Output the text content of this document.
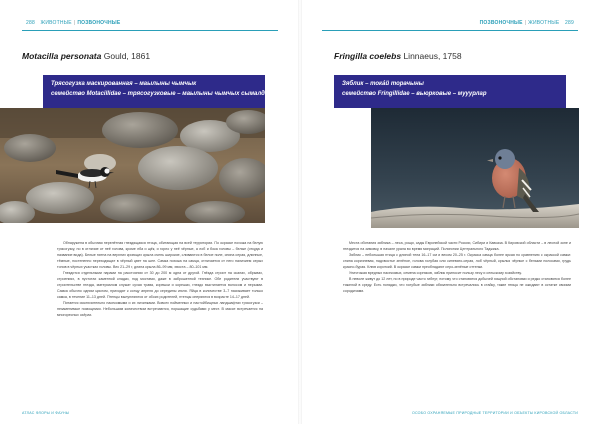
288 ЖИВОТНЫЕ | ПОЗВОНОЧНЫЕ
Motacilla personata Gould, 1861
Трясогузка маскированная – маылыны чымчык
семейство Motacillidae – трясогузковые – маылыны чымчых сымалдар

Обнаружена в обычная перелётная гнездящаяся птица, обитающая на всей территории. По окраске похожа на белую трясогузку, но в отличие от неё голова, кроме лба и щёк, и горло у неё чёрные, а лоб и бока головы – белые (откуда и название вида). Белые пятна на верхних кроющих крыла очень широкие, сливаются в белое поле, спина серая, длинные, тёмные, постепенно переходящие в чёрный цвет на шее. Самка похожа на самца, отличается от него наличием серых тонов в чёрных участках головы. Вес 21–29 г, длина крыла 86–99 мм, хвоста – 80–101 мм.

Гнездится отдельными парами на расстоянии от 30 до 200 м одна от другой. Гнёзда строит на скалах, обрывах, строениях, в пустотах каменной кладки, под мостами, даже в заброшенной технике. Обе родители участвуют в строительстве гнезда, материалом служат сухая трава, корешки и корешки, гнездо выстилается волосом и перьями. Самка обычно одним циклом, приходят к концу апреля до середины июля. Яйца в количестве 3–7 насиживает только самка, в течение 11–13 дней. Птенцы вылупляются от обоих родителей, птенцы оперяются в возрасте 14–17 дней.

Питается исключительно насекомыми и их личинками. Вовсех пойменных и настойбищных ландшафтах трясогузки – незаменимые помощники. Небольшим количеством встречаются, поршащие судьбами у мест. В массе встречается на многоресных озёрах.

АТЛАС ФЛОРЫ И ФАУНЫ
ПОЗВОНОЧНЫЕ | ЖИВОТНЫЕ 289
Fringilla coelebs Linnaeus, 1758
Зяблик – тока́й торачыны
семейство Fringillidae – вьюрковые – мууурлар

Места обитания зяблика – леса, рощи, сады Европейской части России, Сибири и Кавказа. В Кировской области – в лесной зоне и гнездится на зимовку, в начале урала во время миграций. Полигонии Центрального Таджика.

Зяблик – небольшая птица с длиной тела 16–17 см и весом 20–25 г. Окраска самца более яркая по сравнению с окраской самки: спина коричневая, надхвостье зелёное, голова голубая или синевато-серая, лоб чёрный, крылья чёрные с белыми полосами, грудь красно-бурая. Клюв короткий. В окраске самки преобладают серо-зелёные оттенки.

Уничтожая вредных насекомых, семена сорняков, зяблик приносит пользу лесу и сельскому хозяйству.

В неволе живут до 12 лет, но в природе часто гибнут, потому что становятся добычей хищной обстановки и редко становятся более тяжелой в среду. Есть попадки, что голубые зяблики обязательно встречались в стайку, такие птицы не ожидают в остатке своими сородичами.

ОСОБО ОХРАНЯЕМЫЕ ПРИРОДНЫЕ ТЕРРИТОРИИ И ОБЪЕКТЫ КИРОВСКОЙ ОБЛАСТИ
